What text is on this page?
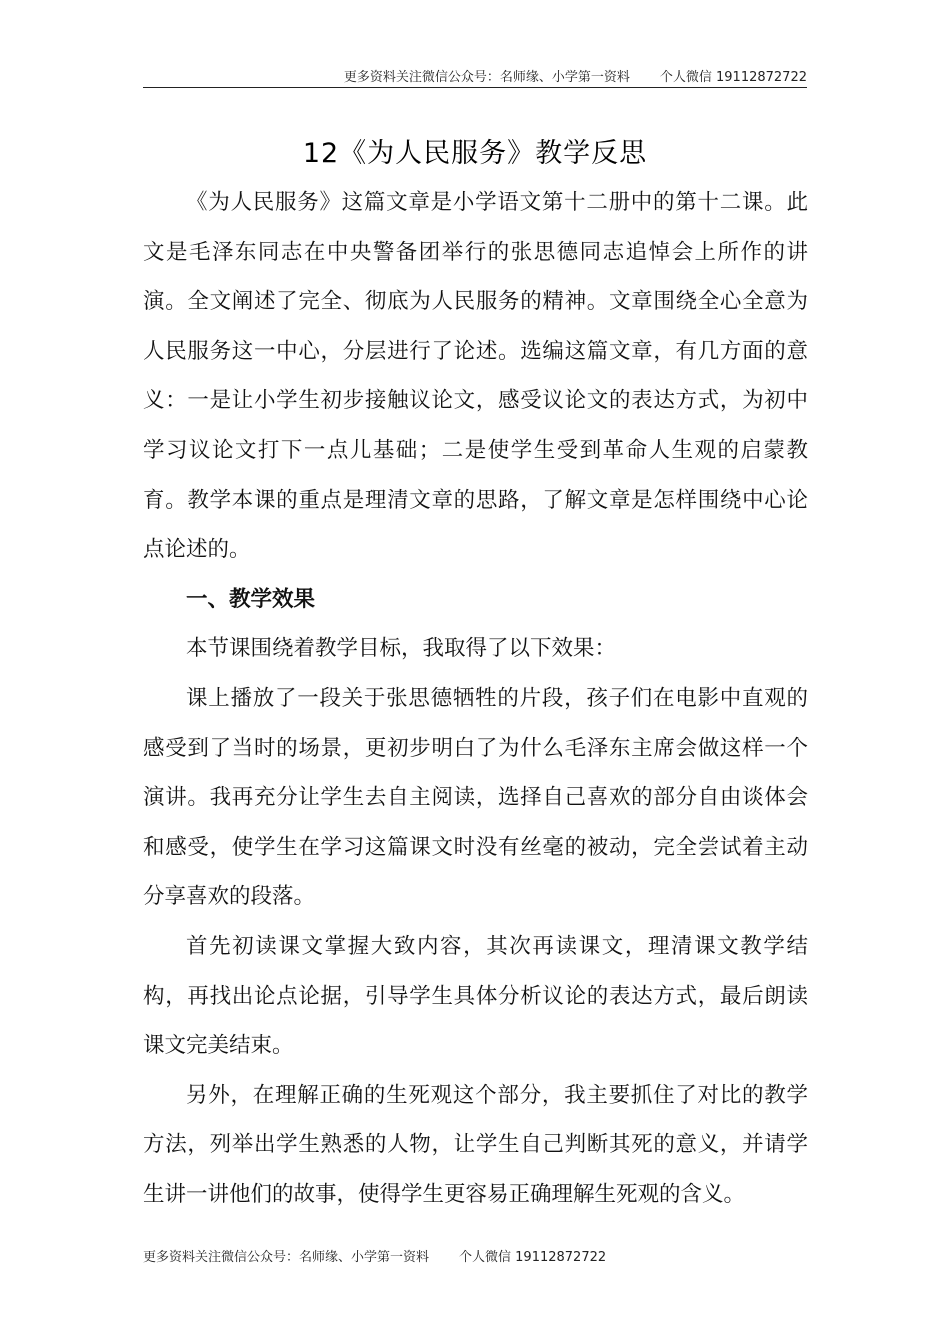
更多资料关注微信公众号：名师缘、小学第一资料 个人微信 19112872722
12《为人民服务》教学反思

《为人民服务》这篇文章是小学语文第十二册中的第十二课。此文是毛泽东同志在中央警备团举行的张思德同志追悼会上所作的讲演。全文阐述了完全、彻底为人民服务的精神。文章围绕全心全意为人民服务这一中心，分层进行了论述。选编这篇文章，有几方面的意义：一是让小学生初步接触议论文，感受议论文的表达方式，为初中学习议论文打下一点儿基础；二是使学生受到革命人生观的启蒙教育。教学本课的重点是理清文章的思路，了解文章是怎样围绕中心论点论述的。

一、教学效果

本节课围绕着教学目标，我取得了以下效果：

课上播放了一段关于张思德牺牲的片段，孩子们在电影中直观的感受到了当时的场景，更初步明白了为什么毛泽东主席会做这样一个演讲。我再充分让学生去自主阅读，选择自己喜欢的部分自由谈体会和感受，使学生在学习这篇课文时没有丝毫的被动，完全尝试着主动分享喜欢的段落。

首先初读课文掌握大致内容，其次再读课文，理清课文教学结构，再找出论点论据，引导学生具体分析议论的表达方式，最后朗读课文完美结束。

另外，在理解正确的生死观这个部分，我主要抓住了对比的教学方法，列举出学生熟悉的人物，让学生自己判断其死的意义，并请学生讲一讲他们的故事，使得学生更容易正确理解生死观的含义。

更多资料关注微信公众号：名师缘、小学第一资料 个人微信 19112872722
